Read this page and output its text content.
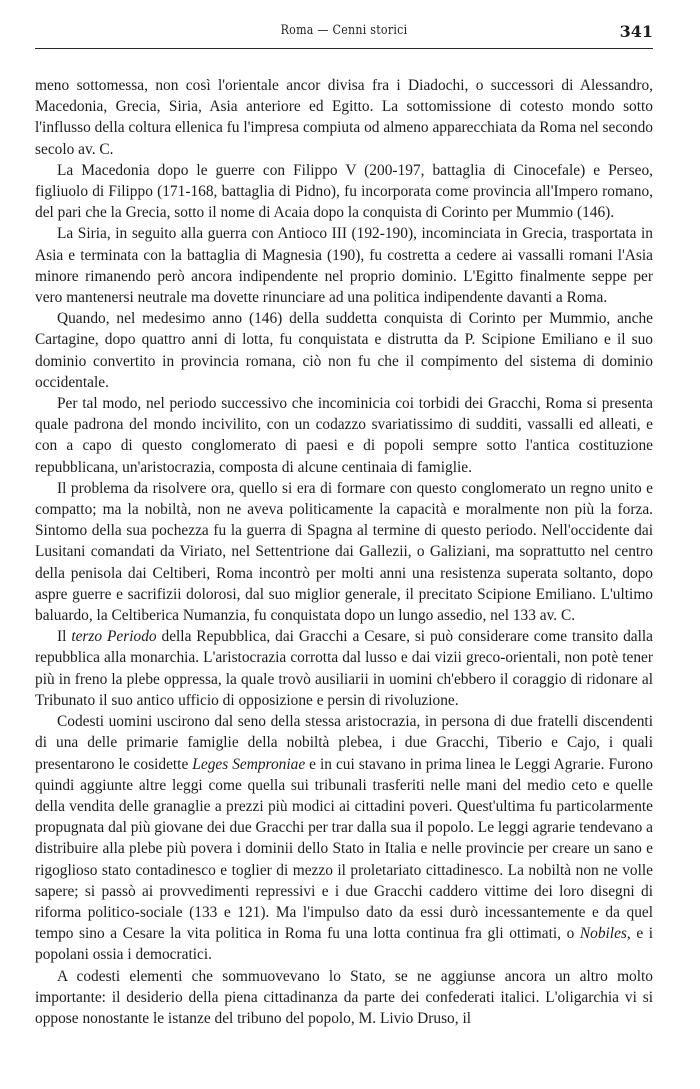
Roma — Cenni storici	341

meno sottomessa, non così l'orientale ancor divisa fra i Diadochi, o successori di Alessandro, Macedonia, Grecia, Siria, Asia anteriore ed Egitto. La sottomissione di cotesto mondo sotto l'influsso della coltura ellenica fu l'impresa compiuta od almeno apparecchiata da Roma nel secondo secolo av. C.

La Macedonia dopo le guerre con Filippo V (200-197, battaglia di Cinocefale) e Perseo, figliuolo di Filippo (171-168, battaglia di Pidno), fu incorporata come provincia all'Impero romano, del pari che la Grecia, sotto il nome di Acaia dopo la conquista di Corinto per Mummio (146).

La Siria, in seguito alla guerra con Antioco III (192-190), incominciata in Grecia, trasportata in Asia e terminata con la battaglia di Magnesia (190), fu costretta a cedere ai vassalli romani l'Asia minore rimanendo però ancora indipendente nel proprio dominio. L'Egitto finalmente seppe per vero mantenersi neutrale ma dovette rinunciare ad una politica indipendente davanti a Roma.

Quando, nel medesimo anno (146) della suddetta conquista di Corinto per Mummio, anche Cartagine, dopo quattro anni di lotta, fu conquistata e distrutta da P. Scipione Emiliano e il suo dominio convertito in provincia romana, ciò non fu che il compimento del sistema di dominio occidentale.

Per tal modo, nel periodo successivo che incominicia coi torbidi dei Gracchi, Roma si presenta quale padrona del mondo incivilito, con un codazzo svariatissimo di sudditi, vassalli ed alleati, e con a capo di questo conglomerato di paesi e di popoli sempre sotto l'antica costituzione repubblicana, un'aristocrazia, composta di alcune centinaia di famiglie.

Il problema da risolvere ora, quello si era di formare con questo conglomerato un regno unito e compatto; ma la nobiltà, non ne aveva politicamente la capacità e moralmente non più la forza. Sintomo della sua pochezza fu la guerra di Spagna al termine di questo periodo. Nell'occidente dai Lusitani comandati da Viriato, nel Settentrione dai Gallezii, o Galiziani, ma soprattutto nel centro della penisola dai Celtiberi, Roma incontrò per molti anni una resistenza superata soltanto, dopo aspre guerre e sacrifizii dolorosi, dal suo miglior generale, il precitato Scipione Emiliano. L'ultimo baluardo, la Celtiberica Numanzia, fu conquistata dopo un lungo assedio, nel 133 av. C.

Il terzo Periodo della Repubblica, dai Gracchi a Cesare, si può considerare come transito dalla repubblica alla monarchia. L'aristocrazia corrotta dal lusso e dai vizii greco-orientali, non potè tener più in freno la plebe oppressa, la quale trovò ausiliarii in uomini ch'ebbero il coraggio di ridonare al Tribunato il suo antico ufficio di opposizione e persin di rivoluzione.

Codesti uomini uscirono dal seno della stessa aristocrazia, in persona di due fratelli discendenti di una delle primarie famiglie della nobiltà plebea, i due Gracchi, Tiberio e Cajo, i quali presentarono le cosidette Leges Semproniae e in cui stavano in prima linea le Leggi Agrarie. Furono quindi aggiunte altre leggi come quella sui tribunali trasferiti nelle mani del medio ceto e quelle della vendita delle granaglie a prezzi più modici ai cittadini poveri. Quest'ultima fu particolarmente propugnata dal più giovane dei due Gracchi per trar dalla sua il popolo. Le leggi agrarie tendevano a distribuire alla plebe più povera i dominii dello Stato in Italia e nelle provincie per creare un sano e rigoglioso stato contadinesco e toglier di mezzo il proletariato cittadinesco. La nobiltà non ne volle sapere; si passò ai provvedimenti repressivi e i due Gracchi caddero vittime dei loro disegni di riforma politico-sociale (133 e 121). Ma l'impulso dato da essi durò incessantemente e da quel tempo sino a Cesare la vita politica in Roma fu una lotta continua fra gli ottimati, o Nobiles, e i popolani ossia i democratici.

A codesti elementi che sommuovevano lo Stato, se ne aggiunse ancora un altro molto importante: il desiderio della piena cittadinanza da parte dei confederati italici. L'oligarchia vi si oppose nonostante le istanze del tribuno del popolo, M. Livio Druso, il
